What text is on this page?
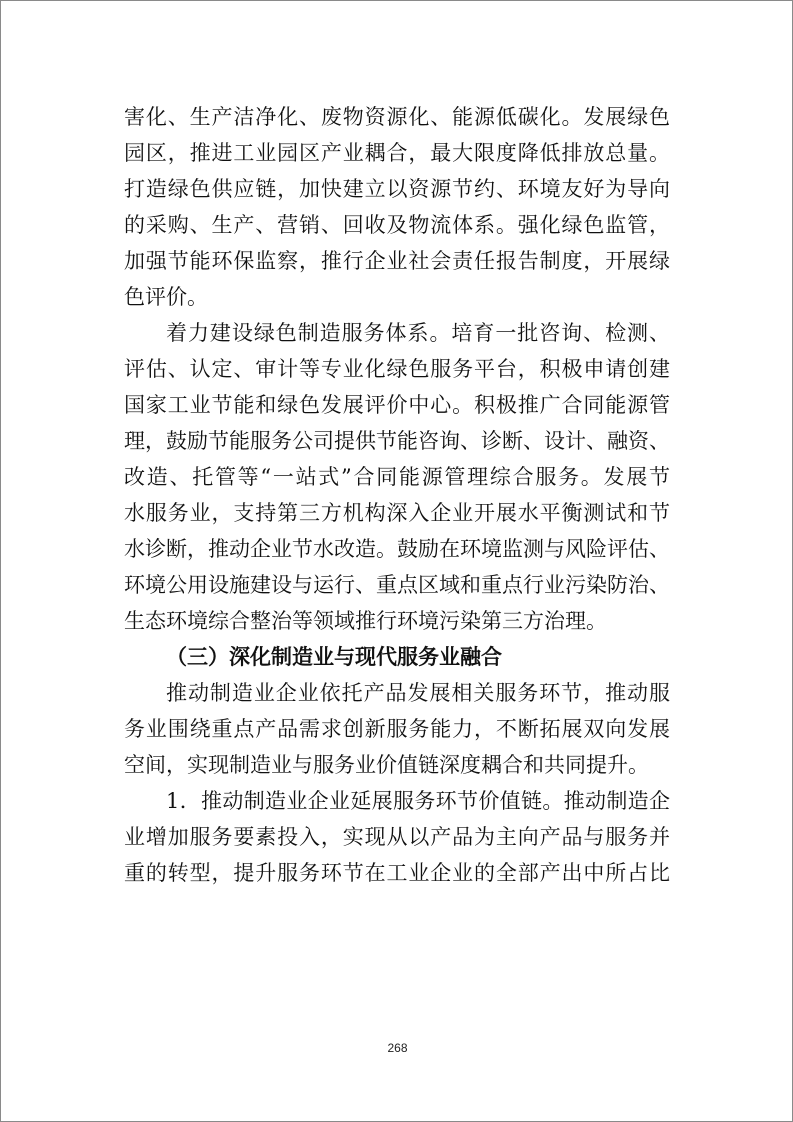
害化、生产洁净化、废物资源化、能源低碳化。发展绿色
园区，推进工业园区产业耦合，最大限度降低排放总量。
打造绿色供应链，加快建立以资源节约、环境友好为导向
的采购、生产、营销、回收及物流体系。强化绿色监管，
加强节能环保监察，推行企业社会责任报告制度，开展绿
色评价。
着力建设绿色制造服务体系。培育一批咨询、检测、
评估、认定、审计等专业化绿色服务平台，积极申请创建
国家工业节能和绿色发展评价中心。积极推广合同能源管
理，鼓励节能服务公司提供节能咨询、诊断、设计、融资、
改造、托管等“一站式”合同能源管理综合服务。发展节
水服务业，支持第三方机构深入企业开展水平衡测试和节
水诊断，推动企业节水改造。鼓励在环境监测与风险评估、
环境公用设施建设与运行、重点区域和重点行业污染防治、
生态环境综合整治等领域推行环境污染第三方治理。
（三）深化制造业与现代服务业融合
推动制造业企业依托产品发展相关服务环节，推动服
务业围绕重点产品需求创新服务能力，不断拓展双向发展
空间，实现制造业与服务业价值链深度耦合和共同提升。
1．推动制造业企业延展服务环节价值链。推动制造企
业增加服务要素投入，实现从以产品为主向产品与服务并
重的转型，提升服务环节在工业企业的全部产出中所占比
268
